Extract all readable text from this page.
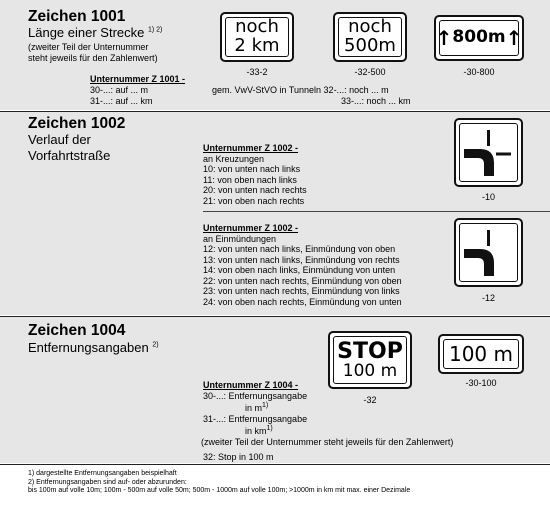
Zeichen 1001
Länge einer Strecke $^{1) 2)}$
(zweiter Teil der Unternummer
steht jeweils für den Zahlenwert)
Unternummer Z 1001 -
30-...: auf ... m
31-...: auf ... km
gem. VwV-StVO in Tunneln 32-...: noch ... m
33-...: noch ... km
noch
2 km
-33-2
noch
500m
-32-500
↑ 800m ↑
-30-800
Zeichen 1002
Verlauf der
Vorfahrtstraße	Unternummer Z 1002 -
an Kreuzungen
10: von unten nach links
11: von oben nach links
20: von unten nach rechts
21: von oben nach rechts
Unternummer Z 1002 -
an Einmündungen
12: von unten nach links, Einmündung von oben
13: von unten nach links, Einmündung von rechts
14: von oben nach links, Einmündung von unten
22: von unten nach rechts, Einmündung von oben
23: von unten nach rechts, Einmündung von links
24: von oben nach rechts, Einmündung von unten
-10
-12
Zeichen 1004
Entfernungsangaben $^{2)}$
Unternummer Z 1004 -
30-...: Entfernungsangabe
in $m^{1)}$
31-...: Entfernungsangabe
in $km^{1)}$
(zweiter Teil der Unternummer steht jeweils für den Zahlenwert)
32: Stop in 100 m
STOP
100 m
-32
100 m
-30-100
1) dargestellte Entfernungsangaben beispielhaft
2) Entfernungsangaben sind auf- oder abzurunden:
bis 100m auf volle 10m; 100m - 500m auf volle 50m; 500m - 1000m auf volle 100m; >1000m in km mit max. einer Dezimale
